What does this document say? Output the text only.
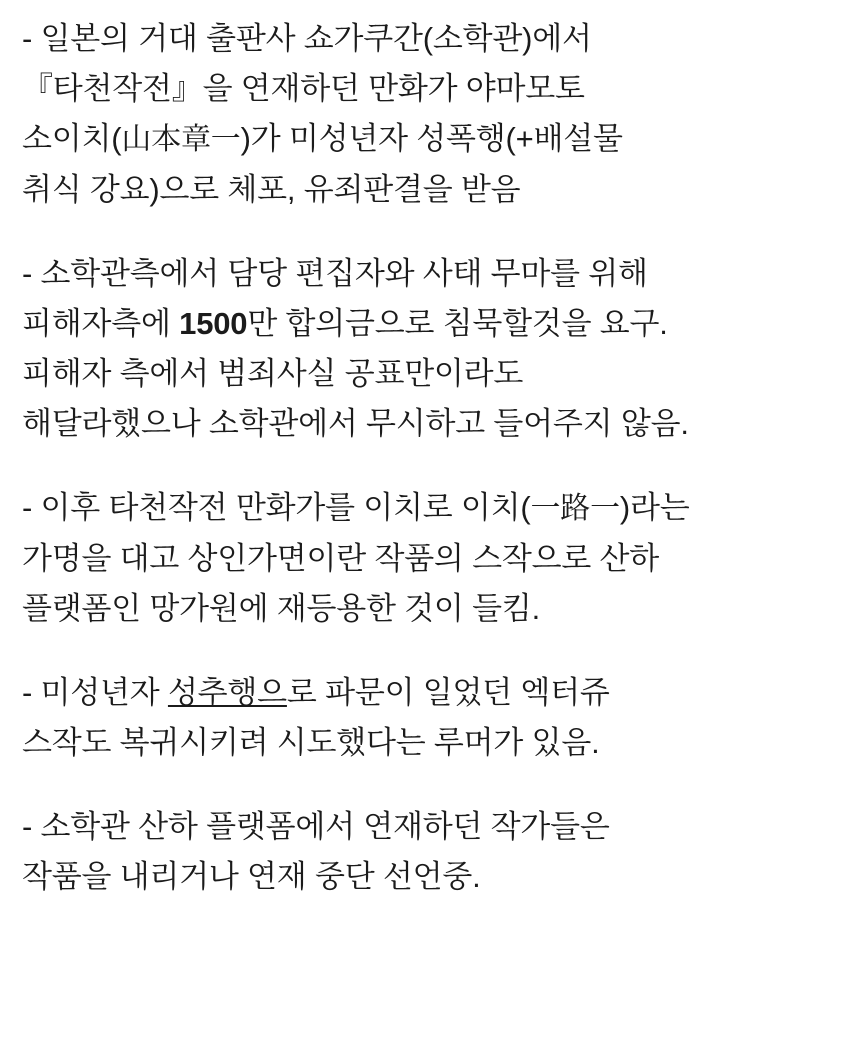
- 일본의 거대 출판사 쇼가쿠간(소학관)에서
『타천작전』을 연재하던 만화가 야마모토
소이치(山本章一)가 미성년자 성폭행(+배설물
취식 강요)으로 체포, 유죄판결을 받음
- 소학관측에서 담당 편집자와 사태 무마를 위해
피해자측에 1500만 합의금으로 침묵할것을 요구.
피해자 측에서 범죄사실 공표만이라도
해달라했으나 소학관에서 무시하고 들어주지 않음.
- 이후 타천작전 만화가를 이치로 이치(一路一)라는
가명을 대고 상인가면이란 작품의 스작으로 산하
플랫폼인 망가원에 재등용한 것이 들킴.
- 미성년자 성추행으로 파문이 일었던 엑터쥬
스작도 복귀시키려 시도했다는 루머가 있음.
- 소학관 산하 플랫폼에서 연재하던 작가들은
작품을 내리거나 연재 중단 선언중.
